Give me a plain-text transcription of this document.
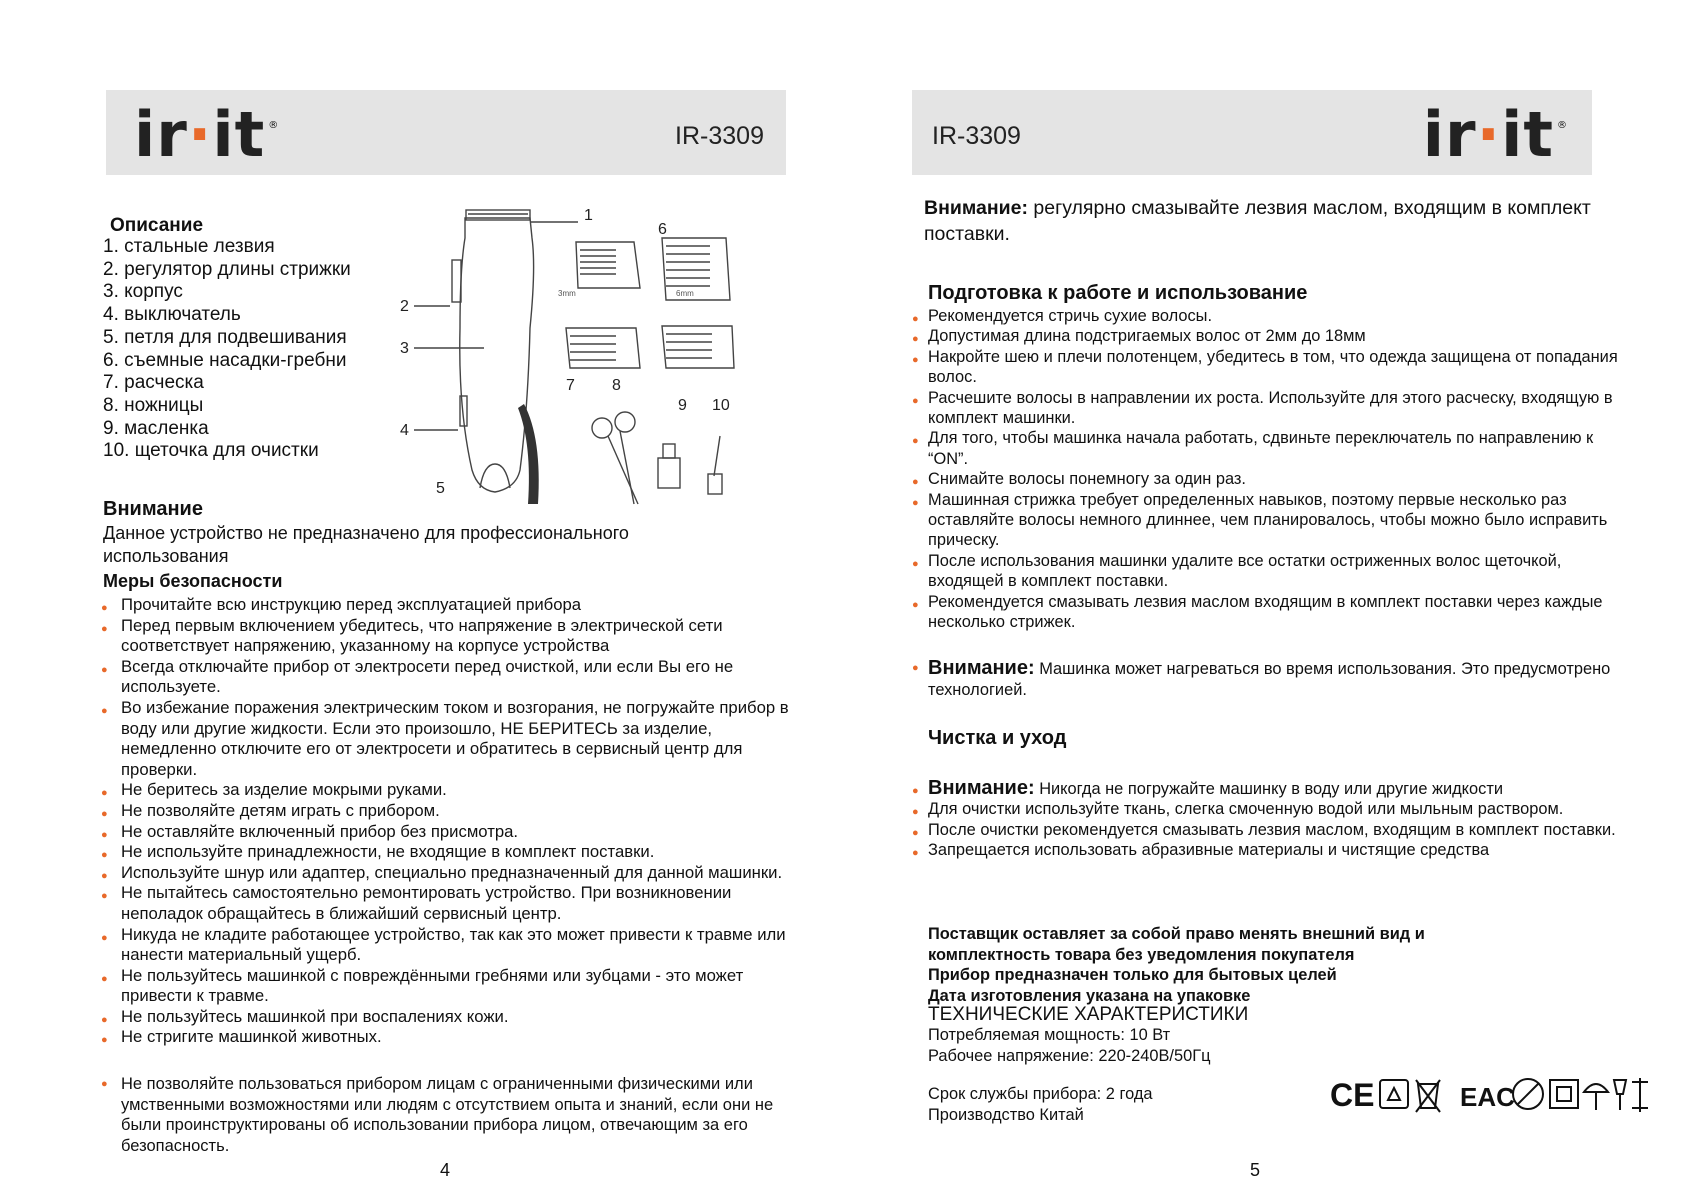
ir·it ®	IR-3309
Описание
1. стальные лезвия
2. регулятор длины стрижки
3. корпус
4. выключатель
5. петля для подвешивания
6. съемные насадки-гребни
7. расческа
8. ножницы
9. масленка
10. щеточка для очистки
1
2
3
4
5
6
7 8
9 10
3mm	6mm
Внимание
Данное устройство не предназначено для профессионального использования
Меры безопасности
● Прочитайте всю инструкцию перед эксплуатацией прибора
● Перед первым включением убедитесь, что напряжение в электрической сети соответствует напряжению, указанному на корпусе устройства
● Всегда отключайте прибор от электросети перед очисткой, или если Вы его не используете.
● Во избежание поражения электрическим током и возгорания, не погружайте прибор в воду или другие жидкости. Если это произошло, НЕ БЕРИТЕСЬ за изделие, немедленно отключите его от электросети и обратитесь в сервисный центр для проверки.
● Не беритесь за изделие мокрыми руками.
● Не позволяйте детям играть с прибором.
● Не оставляйте включенный прибор без присмотра.
● Не используйте принадлежности, не входящие в комплект поставки.
● Используйте шнур или адаптер, специально предназначенный для данной машинки.
● Не пытайтесь самостоятельно ремонтировать устройство. При возникновении неполадок обращайтесь в ближайший сервисный центр.
● Никуда не кладите работающее устройство, так как это может привести к травме или нанести материальный ущерб.
● Не пользуйтесь машинкой с повреждёнными гребнями или зубцами - это может привести к травме.
● Не пользуйтесь машинкой при воспалениях кожи.
● Не стригите машинкой животных.
● Не позволяйте пользоваться прибором лицам с ограниченными физическими или умственными возможностями или людям с отсутствием опыта и знаний, если они не были проинструктированы об использовании прибора лицом, отвечающим за его безопасность.
4
IR-3309	ir·it ®
Внимание: регулярно смазывайте лезвия маслом, входящим в комплект поставки.
Подготовка к работе и использование
● Рекомендуется стричь сухие волосы.
● Допустимая длина подстригаемых волос от 2мм до 18мм
● Накройте шею и плечи полотенцем, убедитесь в том, что одежда защищена от попадания волос.
● Расчешите волосы в направлении их роста. Используйте для этого расческу, входящую в комплект машинки.
● Для того, чтобы машинка начала работать, сдвиньте переключатель по направлению к “ON”.
● Снимайте волосы понемногу за один раз.
● Машинная стрижка требует определенных навыков, поэтому первые несколько раз оставляйте волосы немного длиннее, чем планировалось, чтобы можно было исправить прическу.
● После использования машинки удалите все остатки остриженных волос щеточкой, входящей в комплект поставки.
● Рекомендуется смазывать лезвия маслом входящим в комплект поставки через каждые несколько стрижек.
● Внимание: Машинка может нагреваться во время использования. Это предусмотрено технологией.
Чистка и уход
● Внимание: Никогда не погружайте машинку в воду или другие жидкости
● Для очистки используйте ткань, слегка смоченную водой или мыльным раствором.
● После очистки рекомендуется смазывать лезвия маслом, входящим в комплект поставки.
● Запрещается использовать абразивные материалы и чистящие средства
Поставщик оставляет за собой право менять внешний вид и
комплектность товара без уведомления покупателя
Прибор предназначен только для бытовых целей
Дата изготовления указана на упаковке
ТЕХНИЧЕСКИЕ ХАРАКТЕРИСТИКИ
Потребляемая мощность: 10 Вт
Рабочее напряжение: 220-240В/50Гц
Срок службы прибора: 2 года
Производство Китай
CE	EAC
5
